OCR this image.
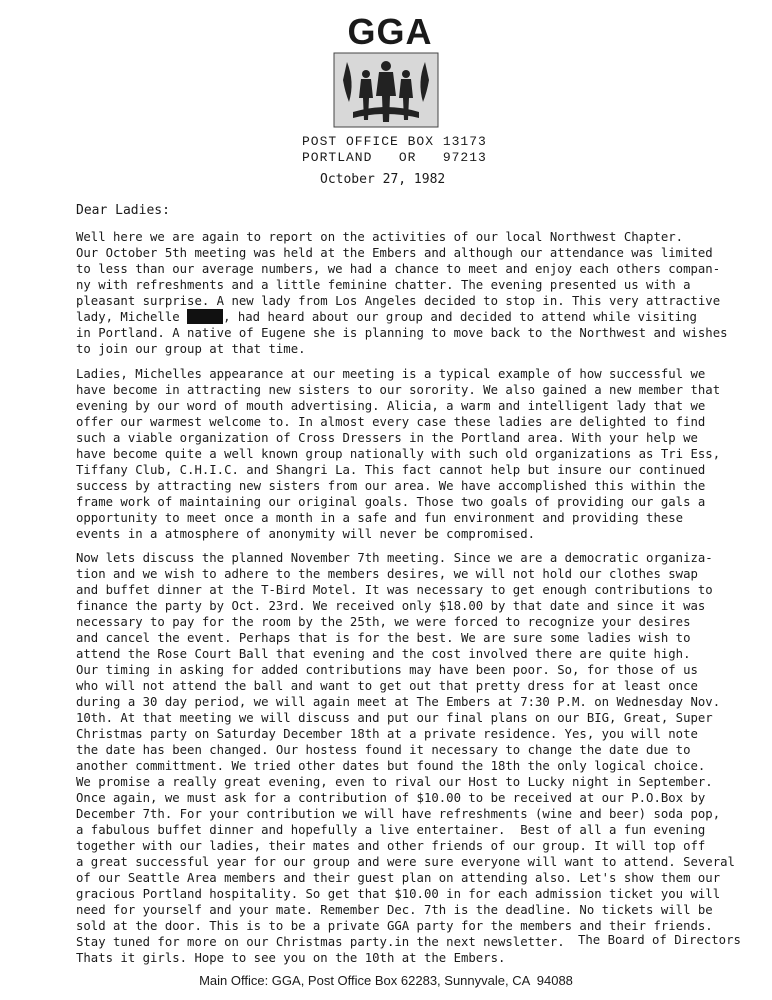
GGA
POST OFFICE BOX 13173
PORTLAND   OR   97213
October 27, 1982
Dear Ladies:
Well here we are again to report on the activities of our local Northwest Chapter.
Our October 5th meeting was held at the Embers and although our attendance was limited
to less than our average numbers, we had a chance to meet and enjoy each others compan-
ny with refreshments and a little feminine chatter. The evening presented us with a
pleasant surprise. A new lady from Los Angeles decided to stop in. This very attractive
lady, Michelle	, had heard about our group and decided to attend while visiting
in Portland. A native of Eugene she is planning to move back to the Northwest and wishes
to join our group at that time.
Ladies, Michelles appearance at our meeting is a typical example of how successful we
have become in attracting new sisters to our sorority. We also gained a new member that
evening by our word of mouth advertising. Alicia, a warm and intelligent lady that we
offer our warmest welcome to. In almost every case these ladies are delighted to find
such a viable organization of Cross Dressers in the Portland area. With your help we
have become quite a well known group nationally with such old organizations as Tri Ess,
Tiffany Club, C.H.I.C. and Shangri La. This fact cannot help but insure our continued
success by attracting new sisters from our area. We have accomplished this within the
frame work of maintaining our original goals. Those two goals of providing our gals a
opportunity to meet once a month in a safe and fun environment and providing these
events in a atmosphere of anonymity will never be compromised.
Now lets discuss the planned November 7th meeting. Since we are a democratic organiza-
tion and we wish to adhere to the members desires, we will not hold our clothes swap
and buffet dinner at the T-Bird Motel. It was necessary to get enough contributions to
finance the party by Oct. 23rd. We received only $18.00 by that date and since it was
necessary to pay for the room by the 25th, we were forced to recognize your desires
and cancel the event. Perhaps that is for the best. We are sure some ladies wish to
attend the Rose Court Ball that evening and the cost involved there are quite high.
Our timing in asking for added contributions may have been poor. So, for those of us
who will not attend the ball and want to get out that pretty dress for at least once
during a 30 day period, we will again meet at The Embers at 7:30 P.M. on Wednesday Nov.
10th. At that meeting we will discuss and put our final plans on our BIG, Great, Super
Christmas party on Saturday December 18th at a private residence. Yes, you will note
the date has been changed. Our hostess found it necessary to change the date due to
another committment. We tried other dates but found the 18th the only logical choice.
We promise a really great evening, even to rival our Host to Lucky night in September.
Once again, we must ask for a contribution of $10.00 to be received at our P.O.Box by
December 7th. For your contribution we will have refreshments (wine and beer) soda pop,
a fabulous buffet dinner and hopefully a live entertainer.  Best of all a fun evening
together with our ladies, their mates and other friends of our group. It will top off
a great successful year for our group and were sure everyone will want to attend. Several
of our Seattle Area members and their guest plan on attending also. Let's show them our
gracious Portland hospitality. So get that $10.00 in for each admission ticket you will
need for yourself and your mate. Remember Dec. 7th is the deadline. No tickets will be
sold at the door. This is to be a private GGA party for the members and their friends.
Stay tuned for more on our Christmas party.in the next newsletter.
Thats it girls. Hope to see you on the 10th at the Embers.
The Board of Directors
Main Office: GGA, Post Office Box 62283, Sunnyvale, CA  94088
